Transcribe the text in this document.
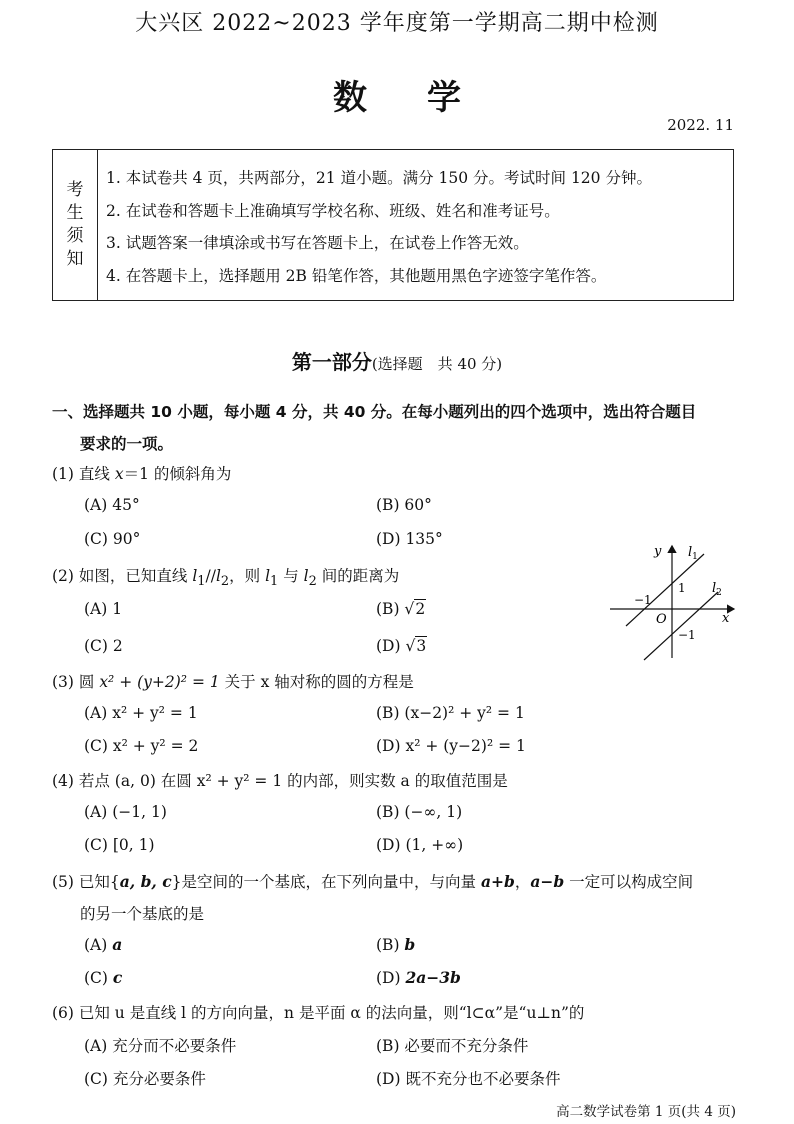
大兴区 2022~2023 学年度第一学期高二期中检测
数学
2022. 11
考
生
须
知
1. 本试卷共 4 页，共两部分，21 道小题。满分 150 分。考试时间 120 分钟。
2. 在试卷和答题卡上准确填写学校名称、班级、姓名和准考证号。
3. 试题答案一律填涂或书写在答题卡上，在试卷上作答无效。
4. 在答题卡上，选择题用 2B 铅笔作答，其他题用黑色字迹签字笔作答。
第一部分(选择题　共 40 分)
一、选择题共 10 小题，每小题 4 分，共 40 分。在每小题列出的四个选项中，选出符合题目
要求的一项。
(1) 直线 x＝1 的倾斜角为
(A) 45°	(B) 60°
(C) 90°	(D) 135°
(2) 如图，已知直线 $l_1//l_2$，则 $l_1$ 与 $l_2$ 间的距离为
(A) 1	(B) √2
(C) 2	(D) √3
y
x
O
1
−1
−1
$l_1$
$l_2$
(3) 圆 x² + (y+2)² = 1 关于 x 轴对称的圆的方程是
(A) x² + y² = 1	(B) (x−2)² + y² = 1
(C) x² + y² = 2	(D) x² + (y−2)² = 1
(4) 若点 (a, 0) 在圆 x² + y² = 1 的内部，则实数 a 的取值范围是
(A) (−1, 1)	(B) (−∞, 1)
(C) [0, 1)	(D) (1, +∞)
(5) 已知{a, b, c}是空间的一个基底，在下列向量中，与向量 a+b，a−b 一定可以构成空间
的另一个基底的是
(A) a	(B) b
(C) c	(D) 2a−3b
(6) 已知 u 是直线 l 的方向向量，n 是平面 α 的法向量，则“l⊂α”是“u⊥n”的
(A) 充分而不必要条件	(B) 必要而不充分条件
(C) 充分必要条件	(D) 既不充分也不必要条件
高二数学试卷第 1 页(共 4 页)
